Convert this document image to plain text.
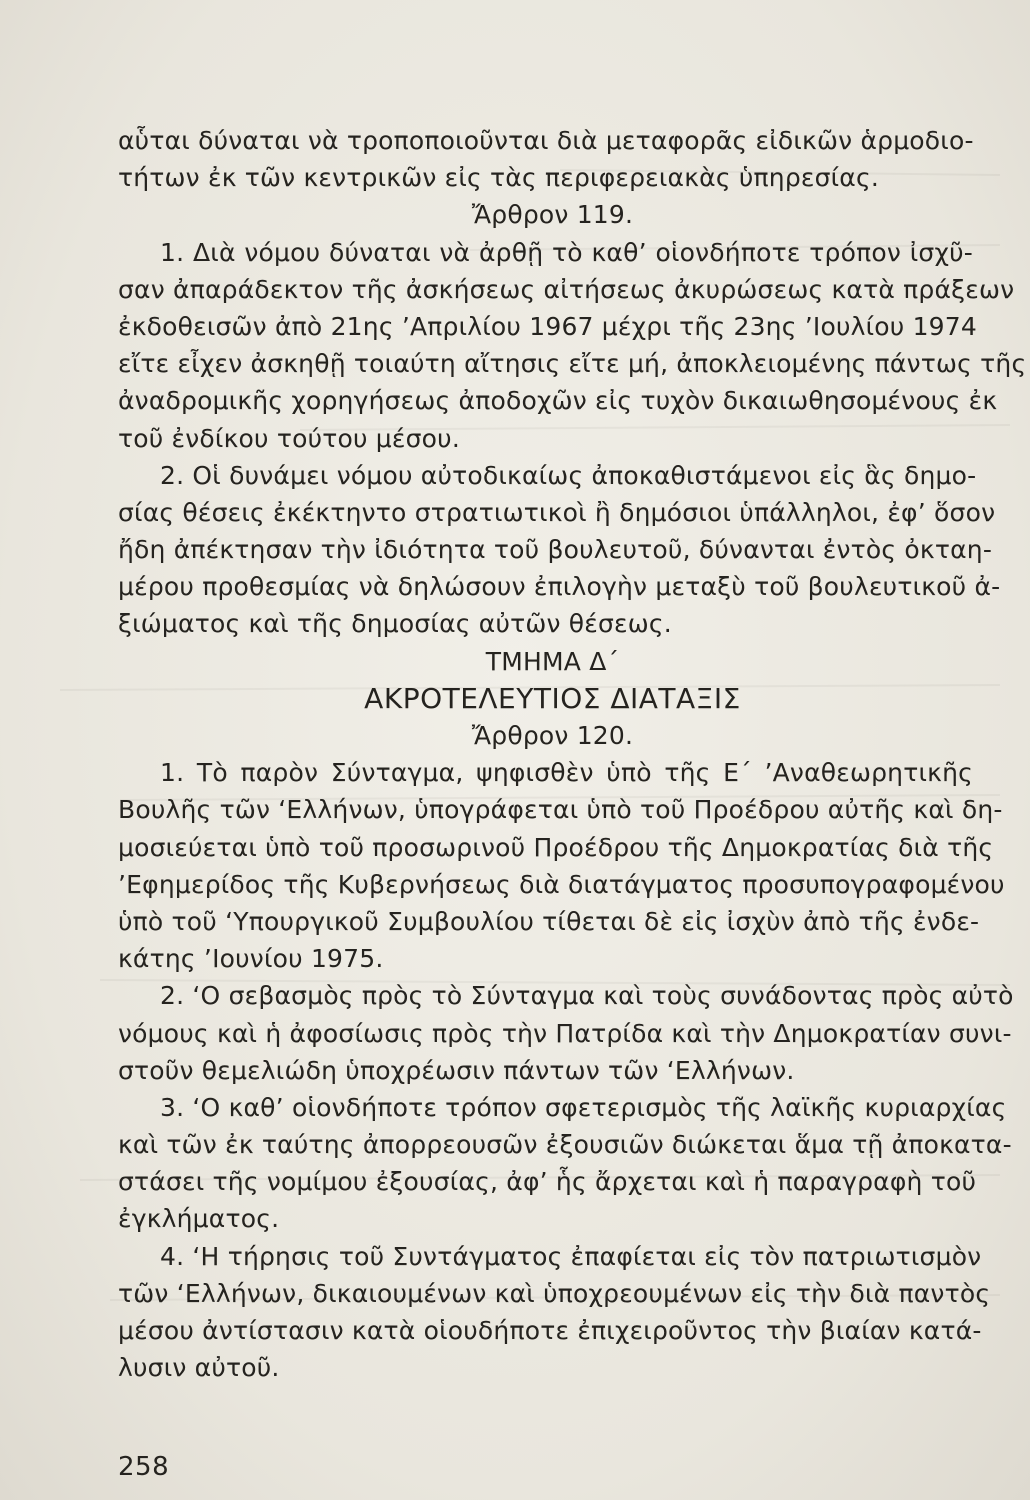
αὗται δύναται νὰ τροποποιοῦνται διὰ μεταφορᾶς εἰδικῶν ἁρμοδιο-
τήτων ἐκ τῶν κεντρικῶν εἰς τὰς περιφερειακὰς ὑπηρεσίας.
Ἄρθρον 119.
1. Διὰ νόμου δύναται νὰ ἀρθῇ τὸ καθ’ οἱονδήποτε τρόπον ἰσχῦ-
σαν ἀπαράδεκτον τῆς ἀσκήσεως αἰτήσεως ἀκυρώσεως κατὰ πράξεων
ἐκδοθεισῶν ἀπὸ 21ης ’Απριλίου 1967 μέχρι τῆς 23ης ’Ιουλίου 1974
εἴτε εἶχεν ἀσκηθῇ τοιαύτη αἴτησις εἴτε μή, ἀποκλειομένης πάντως τῆς
ἀναδρομικῆς χορηγήσεως ἀποδοχῶν εἰς τυχὸν δικαιωθησομένους ἐκ
τοῦ ἐνδίκου τούτου μέσου.
2. Οἱ δυνάμει νόμου αὐτοδικαίως ἀποκαθιστάμενοι εἰς ἃς δημο-
σίας θέσεις ἐκέκτηντο στρατιωτικοὶ ἢ δημόσιοι ὑπάλληλοι, ἐφ’ ὅσον
ἤδη ἀπέκτησαν τὴν ἰδιότητα τοῦ βουλευτοῦ, δύνανται ἐντὸς ὀκταη-
μέρου προθεσμίας νὰ δηλώσουν ἐπιλογὴν μεταξὺ τοῦ βουλευτικοῦ ἀ-
ξιώματος καὶ τῆς δημοσίας αὐτῶν θέσεως.
ΤΜΗΜΑ Δ΄
ΑΚΡΟΤΕΛΕΥΤΙΟΣ ΔΙΑΤΑΞΙΣ
Ἄρθρον 120.
1. Τὸ παρὸν Σύνταγμα, ψηφισθὲν ὑπὸ τῆς Ε΄ ’Αναθεωρητικῆς
Βουλῆς τῶν ‘Ελλήνων, ὑπογράφεται ὑπὸ τοῦ Προέδρου αὐτῆς καὶ δη-
μοσιεύεται ὑπὸ τοῦ προσωρινοῦ Προέδρου τῆς Δημοκρατίας διὰ τῆς
’Εφημερίδος τῆς Κυβερνήσεως διὰ διατάγματος προσυπογραφομένου
ὑπὸ τοῦ ‘Υπουργικοῦ Συμβουλίου τίθεται δὲ εἰς ἰσχὺν ἀπὸ τῆς ἐνδε-
κάτης ’Ιουνίου 1975.
2. ‘Ο σεβασμὸς πρὸς τὸ Σύνταγμα καὶ τοὺς συνάδοντας πρὸς αὐτὸ
νόμους καὶ ἡ ἀφοσίωσις πρὸς τὴν Πατρίδα καὶ τὴν Δημοκρατίαν συνι-
στοῦν θεμελιώδη ὑποχρέωσιν πάντων τῶν ‘Ελλήνων.
3. ‘Ο καθ’ οἱονδήποτε τρόπον σφετερισμὸς τῆς λαϊκῆς κυριαρχίας
καὶ τῶν ἐκ ταύτης ἀπορρεουσῶν ἐξουσιῶν διώκεται ἅμα τῇ ἀποκατα-
στάσει τῆς νομίμου ἐξουσίας, ἀφ’ ἧς ἄρχεται καὶ ἡ παραγραφὴ τοῦ
ἐγκλήματος.
4. ‘Η τήρησις τοῦ Συντάγματος ἐπαφίεται εἰς τὸν πατριωτισμὸν
τῶν ‘Ελλήνων, δικαιουμένων καὶ ὑποχρεουμένων εἰς τὴν διὰ παντὸς
μέσου ἀντίστασιν κατὰ οἱουδήποτε ἐπιχειροῦντος τὴν βιαίαν κατά-
λυσιν αὐτοῦ.
258
